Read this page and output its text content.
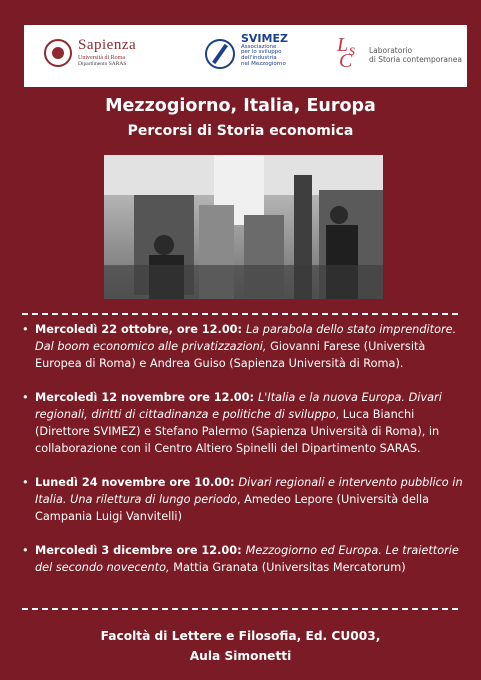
Sapienza
Università di Roma
Dipartimento SARAS
SVIMEZ
Associazione
per lo sviluppo
dell'industria
nel Mezzogiorno
L s
C Laboratorio
di Storia contemporanea
Mezzogiorno, Italia, Europa
Percorsi di Storia economica
• Mercoledì 22 ottobre, ore 12.00: La parabola dello stato imprenditore. Dal boom economico alle privatizzazioni, Giovanni Farese (Università Europea di Roma) e Andrea Guiso (Sapienza Università di Roma).
• Mercoledì 12 novembre ore 12.00: L'Italia e la nuova Europa. Divari regionali, diritti di cittadinanza e politiche di sviluppo, Luca Bianchi (Direttore SVIMEZ) e Stefano Palermo (Sapienza Università di Roma), in collaborazione con il Centro Altiero Spinelli del Dipartimento SARAS.
• Lunedì 24 novembre ore 10.00: Divari regionali e intervento pubblico in Italia. Una rilettura di lungo periodo, Amedeo Lepore (Università della Campania Luigi Vanvitelli)
• Mercoledì 3 dicembre ore 12.00: Mezzogiorno ed Europa. Le traiettorie del secondo novecento, Mattia Granata (Universitas Mercatorum)
Facoltà di Lettere e Filosofia, Ed. CU003,
Aula Simonetti
